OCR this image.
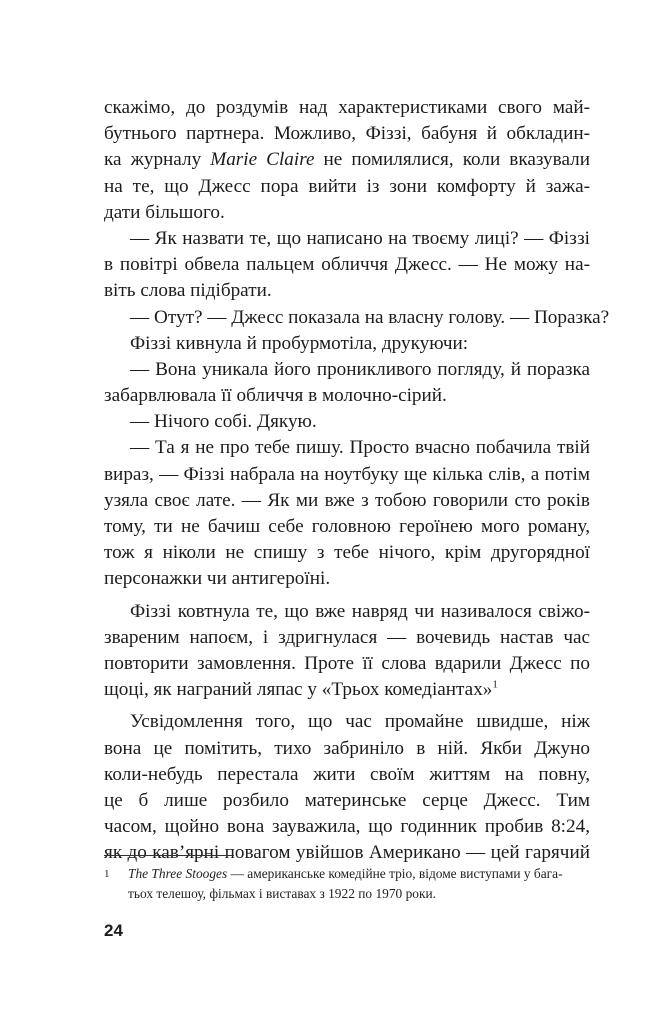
скажімо, до роздумів над характеристиками свого май-
бутнього партнера. Можливо, Фіззі, бабуня й обкладин-
ка журналу Marie Claire не помилялися, коли вказували
на те, що Джесс пора вийти із зони комфорту й зажа-
дати більшого.
— Як назвати те, що написано на твоєму лиці? — Фіззі
в повітрі обвела пальцем обличчя Джесс. — Не можу на-
віть слова підібрати.
— Отут? — Джесс показала на власну голову. — Поразка?
Фіззі кивнула й пробурмотіла, друкуючи:
— Вона уникала його проникливого погляду, й поразка
забарвлювала її обличчя в молочно-сірий.
— Нічого собі. Дякую.
— Та я не про тебе пишу. Просто вчасно побачила твій
вираз, — Фіззі набрала на ноутбуку ще кілька слів, а потім
узяла своє лате. — Як ми вже з тобою говорили сто років
тому, ти не бачиш себе головною героїнею мого роману,
тож я ніколи не спишу з тебе нічого, крім другорядної
персонажки чи антигероїні.
Фіззі ковтнула те, що вже навряд чи називалося свіжо-
звареним напоєм, і здригнулася — вочевидь настав час
повторити замовлення. Проте її слова вдарили Джесс по
щоці, як награний ляпас у «Трьох комедіантах»$^1$
Усвідомлення того, що час промайне швидше, ніж
вона це помітить, тихо забриніло в ній. Якби Джуно
коли-небудь перестала жити своїм життям на повну,
це б лише розбило материнське серце Джесс. Тим
часом, щойно вона зауважила, що годинник пробив 8:24,
як до кав’ярні повагом увійшов Американо — цей гарячий
1 The Three Stooges — американське комедійне тріо, відоме виступами у бага-
тьох телешоу, фільмах і виставах з 1922 по 1970 роки.
24
